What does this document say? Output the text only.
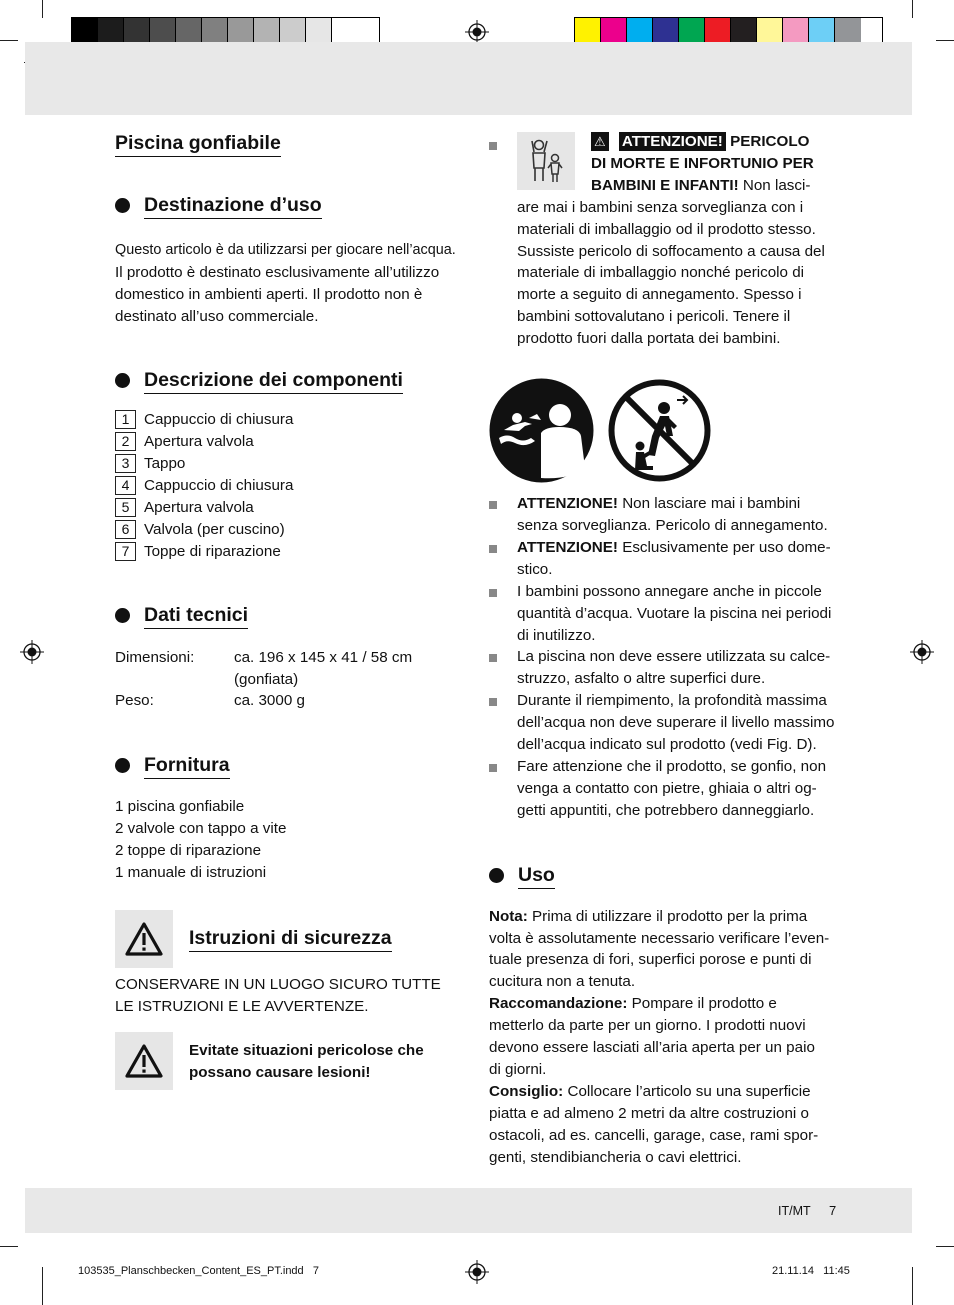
IT/MT 7
Piscina gonfiabile
Destinazione d’uso
Questo articolo è da utilizzarsi per giocare nell’acqua.
Il prodotto è destinato esclusivamente all’utilizzo
domestico in ambienti aperti. Il prodotto non è
destinato all’uso commerciale.
Descrizione dei componenti
1 Cappuccio di chiusura
2 Apertura valvola
3 Tappo
4 Cappuccio di chiusura
5 Apertura valvola
6 Valvola (per cuscino)
7 Toppe di riparazione
Dati tecnici
Dimensioni:	ca. 196 x 145 x 41 / 58 cm
(gonfiata)
Peso:	ca. 3000 g
Fornitura
1 piscina gonfiabile
2 valvole con tappo a vite
2 toppe di riparazione
1 manuale di istruzioni
Istruzioni di sicurezza
CONSERVARE IN UN LUOGO SICURO TUTTE
LE ISTRUZIONI E LE AVVERTENZE.
Evitate situazioni pericolose che
possano causare lesioni!
⚠ ATTENZIONE! PERICOLO
DI MORTE E INFORTUNIO PER
BAMBINI E INFANTI! Non lasci-
are mai i bambini senza sorveglianza con i
materiali di imballaggio od il prodotto stesso.
Sussiste pericolo di soffocamento a causa del
materiale di imballaggio nonché pericolo di
morte a seguito di annegamento. Spesso i
bambini sottovalutano i pericoli. Tenere il
prodotto fuori dalla portata dei bambini.
ATTENZIONE! Non lasciare mai i bambini
senza sorveglianza. Pericolo di annegamento.
ATTENZIONE! Esclusivamente per uso dome-
stico.
I bambini possono annegare anche in piccole
quantità d’acqua. Vuotare la piscina nei periodi
di inutilizzo.
La piscina non deve essere utilizzata su calce-
struzzo, asfalto o altre superfici dure.
Durante il riempimento, la profondità massima
dell’acqua non deve superare il livello massimo
dell’acqua indicato sul prodotto (vedi Fig. D).
Fare attenzione che il prodotto, se gonfio, non
venga a contatto con pietre, ghiaia o altri og-
getti appuntiti, che potrebbero danneggiarlo.
Uso
Nota: Prima di utilizzare il prodotto per la prima
volta è assolutamente necessario verificare l’even-
tuale presenza di fori, superfici porose e punti di
cucitura non a tenuta.
Raccomandazione: Pompare il prodotto e
metterlo da parte per un giorno. I prodotti nuovi
devono essere lasciati all’aria aperta per un paio
di giorni.
Consiglio: Collocare l’articolo su una superficie
piatta e ad almeno 2 metri da altre costruzioni o
ostacoli, ad es. cancelli, garage, case, rami spor-
genti, stendibiancheria o cavi elettrici.
103535_Planschbecken_Content_ES_PT.indd   7	21.11.14   11:45
